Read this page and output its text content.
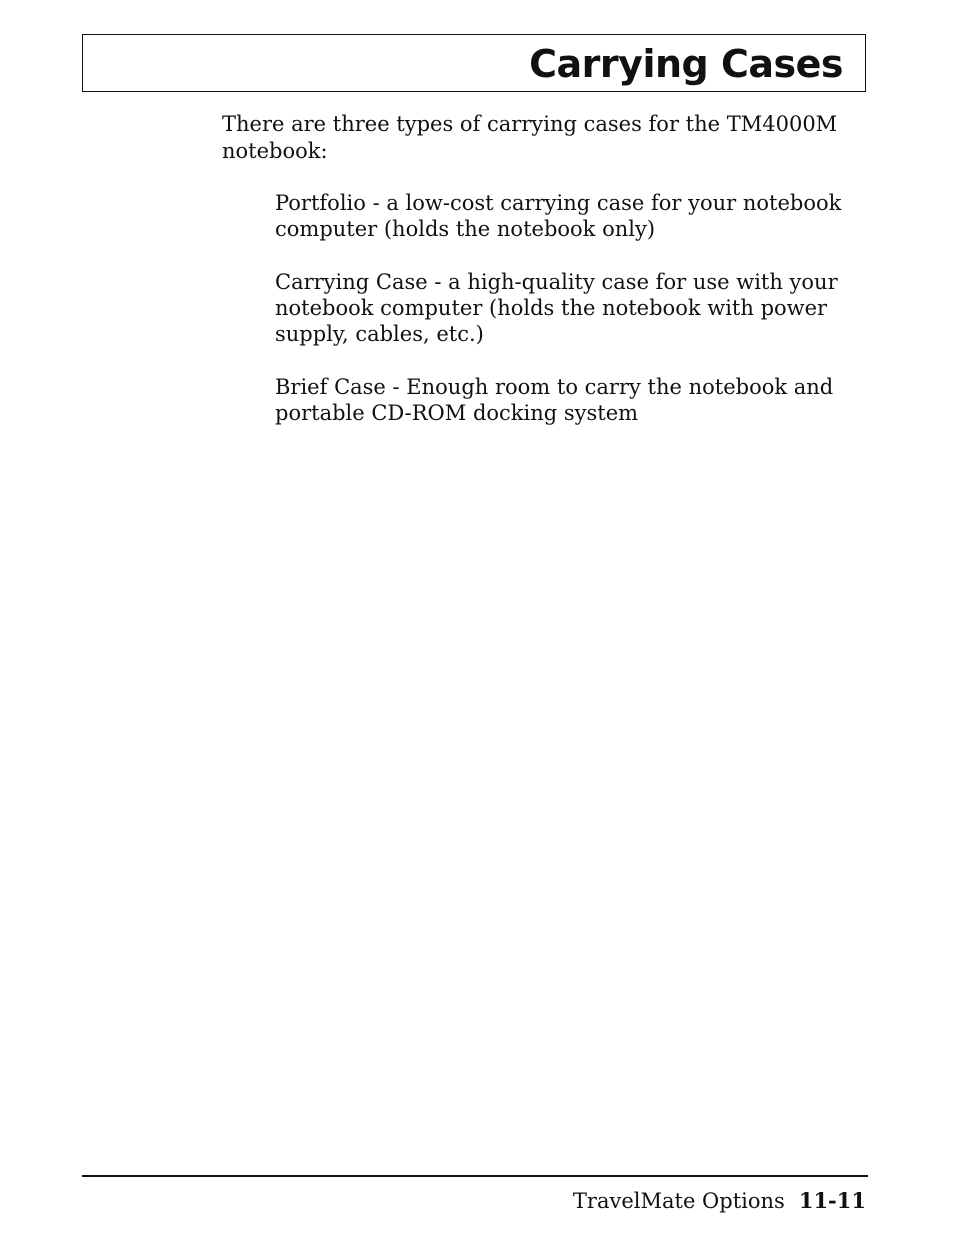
Carrying Cases

There are three types of carrying cases for the TM4000M
notebook:

Portfolio - a low-cost carrying case for your notebook
computer (holds the notebook only)
Carrying Case - a high-quality case for use with your
notebook computer (holds the notebook with power
supply, cables, etc.)
Brief Case - Enough room to carry the notebook and
portable CD-ROM docking system
TravelMate Options 11-11
